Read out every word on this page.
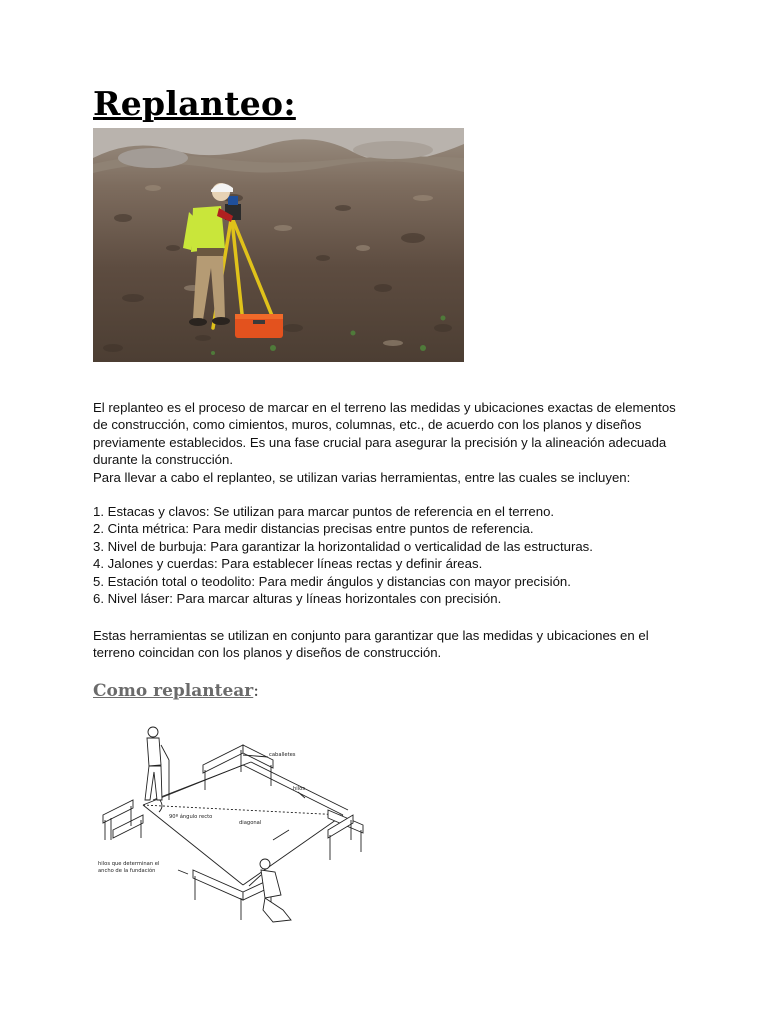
Replanteo:

El replanteo es el proceso de marcar en el terreno las medidas y ubicaciones exactas de elementos de construcción, como cimientos, muros, columnas, etc., de acuerdo con los planos y diseños previamente establecidos. Es una fase crucial para asegurar la precisión y la alineación adecuada durante la construcción.

Para llevar a cabo el replanteo, se utilizan varias herramientas, entre las cuales se incluyen:

1. Estacas y clavos: Se utilizan para marcar puntos de referencia en el terreno.

2. Cinta métrica: Para medir distancias precisas entre puntos de referencia.

3. Nivel de burbuja: Para garantizar la horizontalidad o verticalidad de las estructuras.

4. Jalones y cuerdas: Para establecer líneas rectas y definir áreas.

5. Estación total o teodolito: Para medir ángulos y distancias con mayor precisión.

6. Nivel láser: Para marcar alturas y líneas horizontales con precisión.

Estas herramientas se utilizan en conjunto para garantizar que las medidas y ubicaciones en el terreno coincidan con los planos y diseños de construcción.

Como replantear:
caballetes
hilos
90º ángulo recto
diagonal
hilos que determinan el
ancho de la fundación
